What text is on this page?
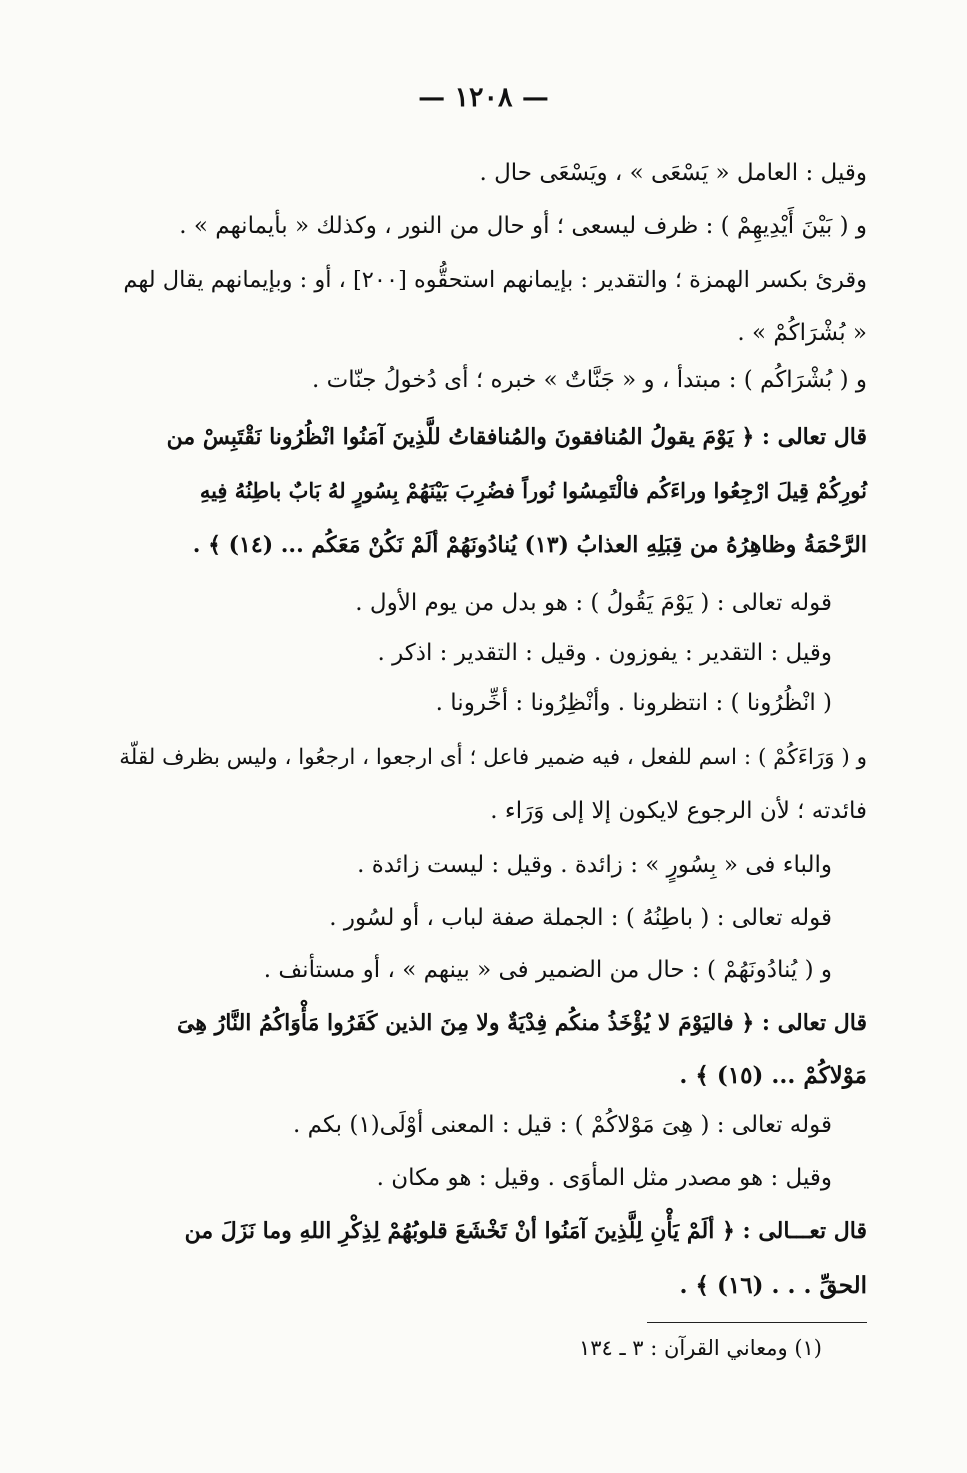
— ١٢٠٨ —
وقيل : العامل « يَسْعَى » ، ويَسْعَى حال .
و ( بَيْنَ أَيْدِيهِمْ ) : ظرف ليسعى ؛ أو حال من النور ، وكذلك « بأيمانهم » .
وقرئ بكسر الهمزة ؛ والتقدير : بإيمانهم استحقُّوه [٢٠٠] ، أو : وبإيمانهم يقال لهم
« بُشْرَاكُمْ » .
و ( بُشْرَاكُم ) : مبتدأ ، و « جَنَّاتٌ » خبره ؛ أى دُخولُ جنّات .
قال تعالى : ﴿ يَوْمَ يقولُ المُنافقونَ والمُنافقاتُ للَّذِينَ آمَنُوا انْظُرُونا نَقْتَبِسْ من
نُورِكُمْ قِيلَ ارْجِعُوا وراءَكُم فالْتَمِسُوا نُوراً فضُرِبَ بَيْنَهُمْ بِسُورٍ لهُ بَابٌ باطِنُهُ فِيهِ
الرَّحْمَةُ وظاهِرُهُ من قِبَلِهِ العذابُ (١٣) يُنادُونَهُمْ ألَمْ نَكُنْ مَعَكُم ... (١٤) ﴾ .
قوله تعالى : ( يَوْمَ يَقُولُ ) : هو بدل من يوم الأول .
وقيل : التقدير : يفوزون . وقيل : التقدير : اذكر .
( انْظُرُونا ) : انتظرونا . وأنْظِرُونا : أخِّرونا .
و ( وَرَاءَكُمْ ) : اسم للفعل ، فيه ضمير فاعل ؛ أى ارجعوا ، ارجعُوا ، وليس بظرف لقلّة
فائدته ؛ لأن الرجوع لايكون إلا إلى وَرَاء .
والباء فى « بِسُورٍ » : زائدة . وقيل : ليست زائدة .
قوله تعالى : ( باطِنُهُ ) : الجملة صفة لباب ، أو لسُور .
و ( يُنادُونَهُمْ ) : حال من الضمير فى « بينهم » ، أو مستأنف .
قال تعالى : ﴿ فاليَوْمَ لا يُؤْخَذُ منكُم فِدْيَةٌ ولا مِنَ الذين كَفَرُوا مَأْوَاكُمُ النَّارُ هِىَ
مَوْلاكُمْ ... (١٥) ﴾ .
قوله تعالى : ( هِىَ مَوْلاكُمْ ) : قيل : المعنى أوْلَى(١) بكم .
وقيل : هو مصدر مثل المأوَى . وقيل : هو مكان .
قال تعـــالى : ﴿ ألَمْ يَأْنِ لِلَّذِينَ آمَنُوا أنْ تَخْشَعَ قلوبُهُمْ لِذِكْرِ اللهِ وما نَزَلَ من
الحقِّ . . . (١٦) ﴾ .
(١) ومعاني القرآن : ٣ ـ ١٣٤
